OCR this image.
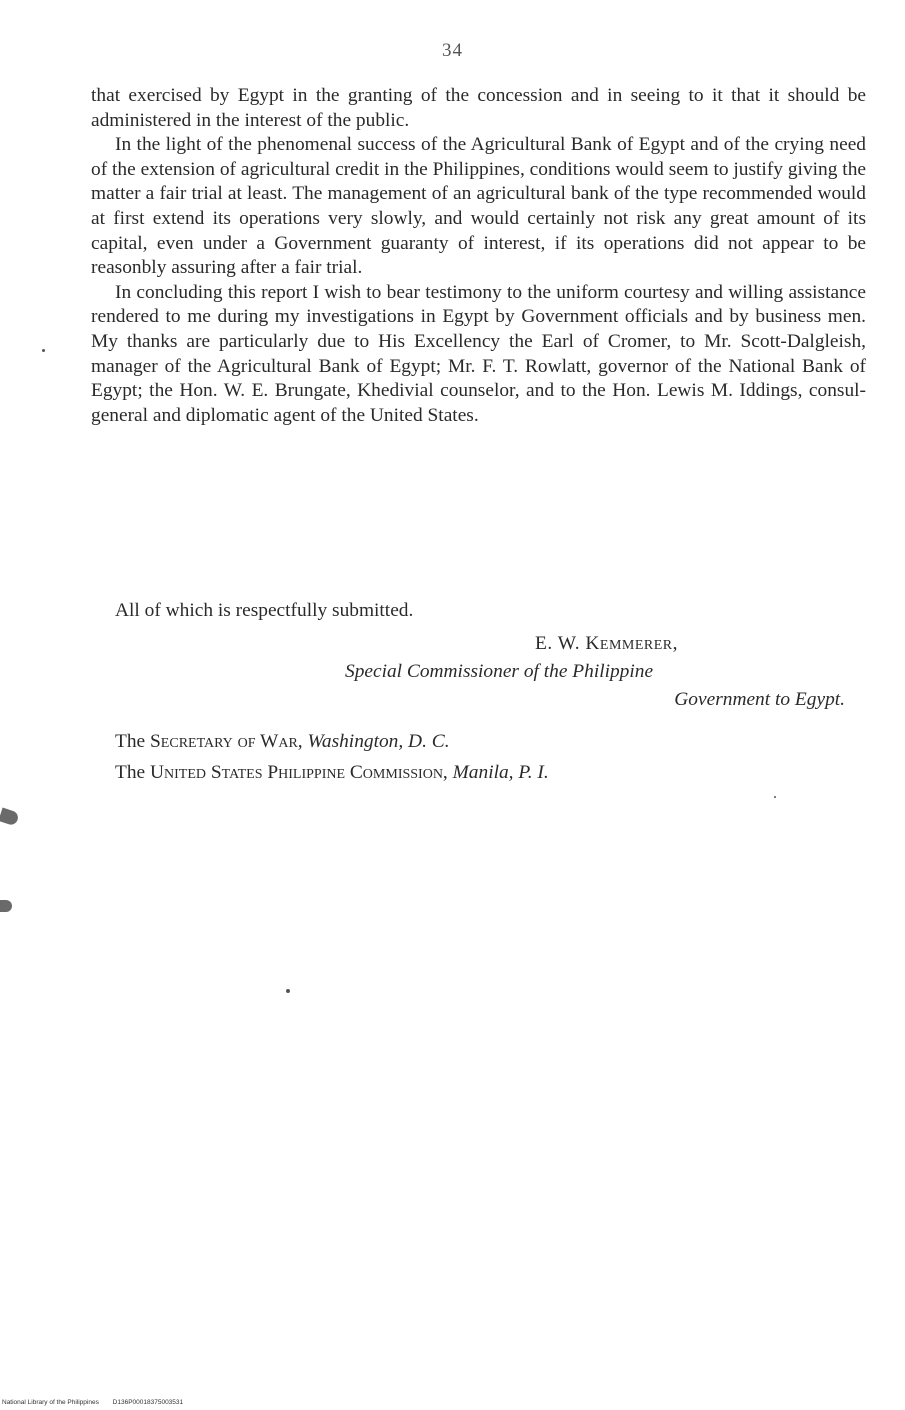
34

that exercised by Egypt in the granting of the concession and in seeing to it that it should be administered in the interest of the public.

In the light of the phenomenal success of the Agricultural Bank of Egypt and of the crying need of the extension of agricultural credit in the Philippines, conditions would seem to justify giving the matter a fair trial at least. The management of an agricultural bank of the type recommended would at first extend its operations very slowly, and would certainly not risk any great amount of its capital, even under a Government guaranty of interest, if its operations did not appear to be reasonbly assuring after a fair trial.

In concluding this report I wish to bear testimony to the uniform courtesy and willing assistance rendered to me during my investigations in Egypt by Government officials and by business men. My thanks are particularly due to His Excellency the Earl of Cromer, to Mr. Scott-Dalgleish, manager of the Agricultural Bank of Egypt; Mr. F. T. Rowlatt, governor of the National Bank of Egypt; the Hon. W. E. Brungate, Khedivial counselor, and to the Hon. Lewis M. Iddings, consul-general and diplomatic agent of the United States.

All of which is respectfully submitted.
E. W. Kemmerer,
Special Commissioner of the Philippine
Government to Egypt.
The Secretary of War, Washington, D. C.
The United States Philippine Commission, Manila, P. I.
National Library of the Philippines D136P00018375003531
